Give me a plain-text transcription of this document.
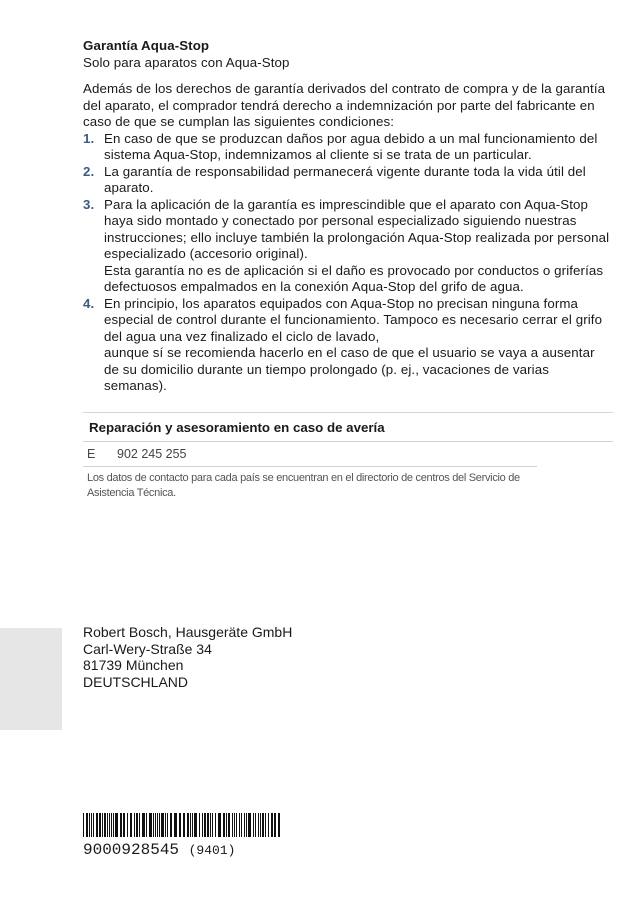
Garantía Aqua-Stop

Solo para aparatos con Aqua-Stop

Además de los derechos de garantía derivados del contrato de compra y de la garantía del aparato, el comprador tendrá derecho a indemnización por parte del fabricante en caso de que se cumplan las siguientes condiciones:

1. En caso de que se produzcan daños por agua debido a un mal funcionamiento del sistema Aqua-Stop, indemnizamos al cliente si se trata de un particular.
2. La garantía de responsabilidad permanecerá vigente durante toda la vida útil del aparato.
3. Para la aplicación de la garantía es imprescindible que el aparato con Aqua-Stop haya sido montado y conectado por personal especializado siguiendo nuestras instrucciones; ello incluye también la prolongación Aqua-Stop realizada por personal especializado (accesorio original).
Esta garantía no es de aplicación si el daño es provocado por conductos o griferías defectuosos empalmados en la conexión Aqua-Stop del grifo de agua.
4. En principio, los aparatos equipados con Aqua-Stop no precisan ninguna forma especial de control durante el funcionamiento. Tampoco es necesario cerrar el grifo del agua una vez finalizado el ciclo de lavado,
aunque sí se recomienda hacerlo en el caso de que el usuario se vaya a ausentar de su domicilio durante un tiempo prolongado (p. ej., vacaciones de varias semanas).
Reparación y asesoramiento en caso de avería
E	902 245 255
Los datos de contacto para cada país se encuentran en el directorio de centros del Servicio de Asistencia Técnica.
Robert Bosch, Hausgeräte GmbH
Carl-Wery-Straße 34
81739 München
DEUTSCHLAND
9000928545 (9401)
